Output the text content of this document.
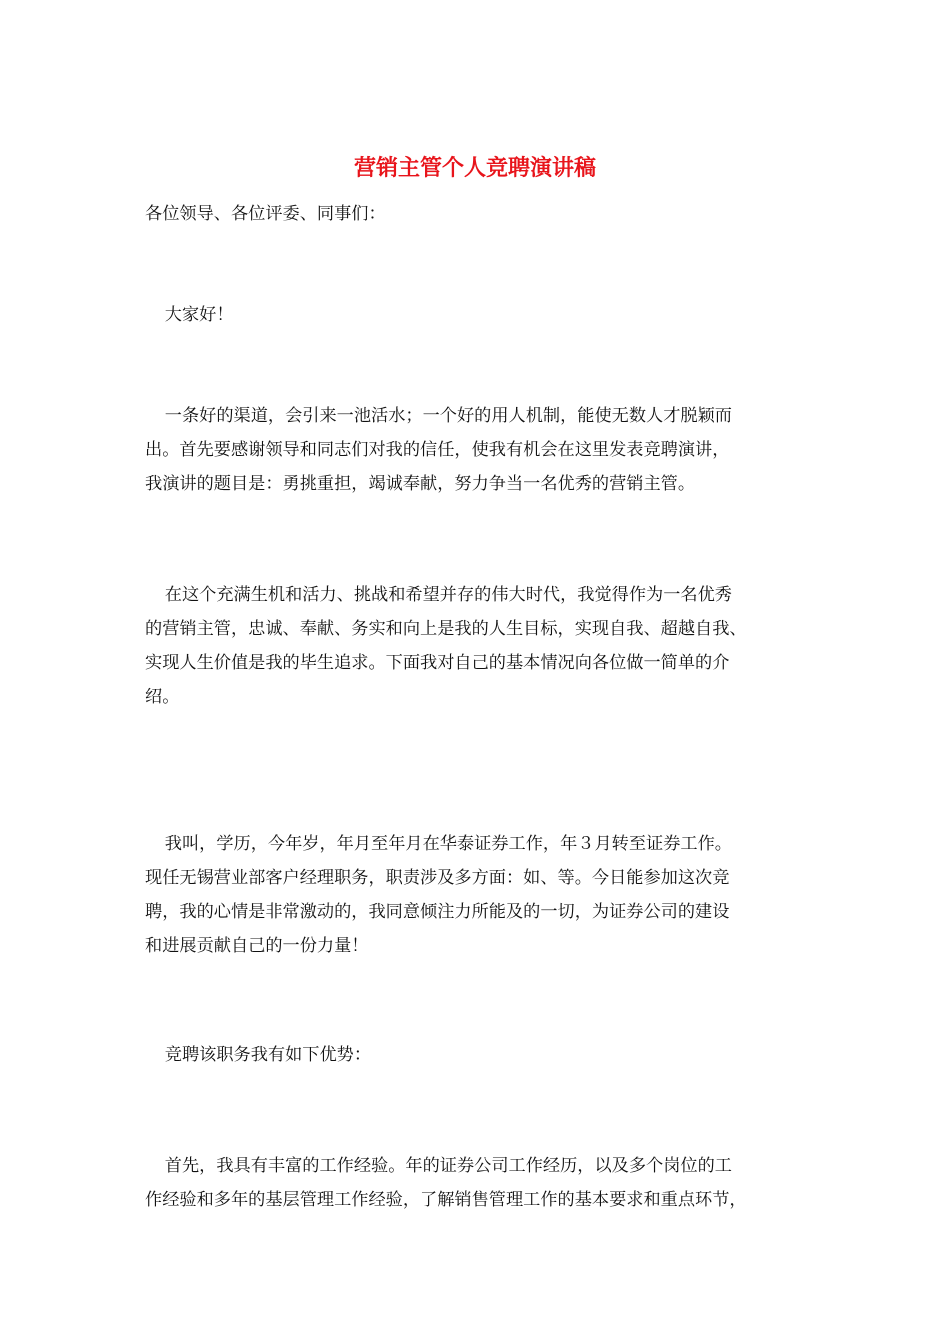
营销主管个人竞聘演讲稿

各位领导、各位评委、同事们：

大家好！

一条好的渠道，会引来一池活水；一个好的用人机制，能使无数人才脱颖而
出。首先要感谢领导和同志们对我的信任，使我有机会在这里发表竞聘演讲，
我演讲的题目是：勇挑重担，竭诚奉献，努力争当一名优秀的营销主管。

在这个充满生机和活力、挑战和希望并存的伟大时代，我觉得作为一名优秀
的营销主管，忠诚、奉献、务实和向上是我的人生目标，实现自我、超越自我、
实现人生价值是我的毕生追求。下面我对自己的基本情况向各位做一简单的介
绍。

我叫，学历，今年岁，年月至年月在华泰证券工作，年３月转至证券工作。
现任无锡营业部客户经理职务，职责涉及多方面：如、等。今日能参加这次竞
聘，我的心情是非常激动的，我同意倾注力所能及的一切，为证券公司的建设
和进展贡献自己的一份力量！

竞聘该职务我有如下优势：

首先，我具有丰富的工作经验。年的证券公司工作经历，以及多个岗位的工
作经验和多年的基层管理工作经验，了解销售管理工作的基本要求和重点环节，
